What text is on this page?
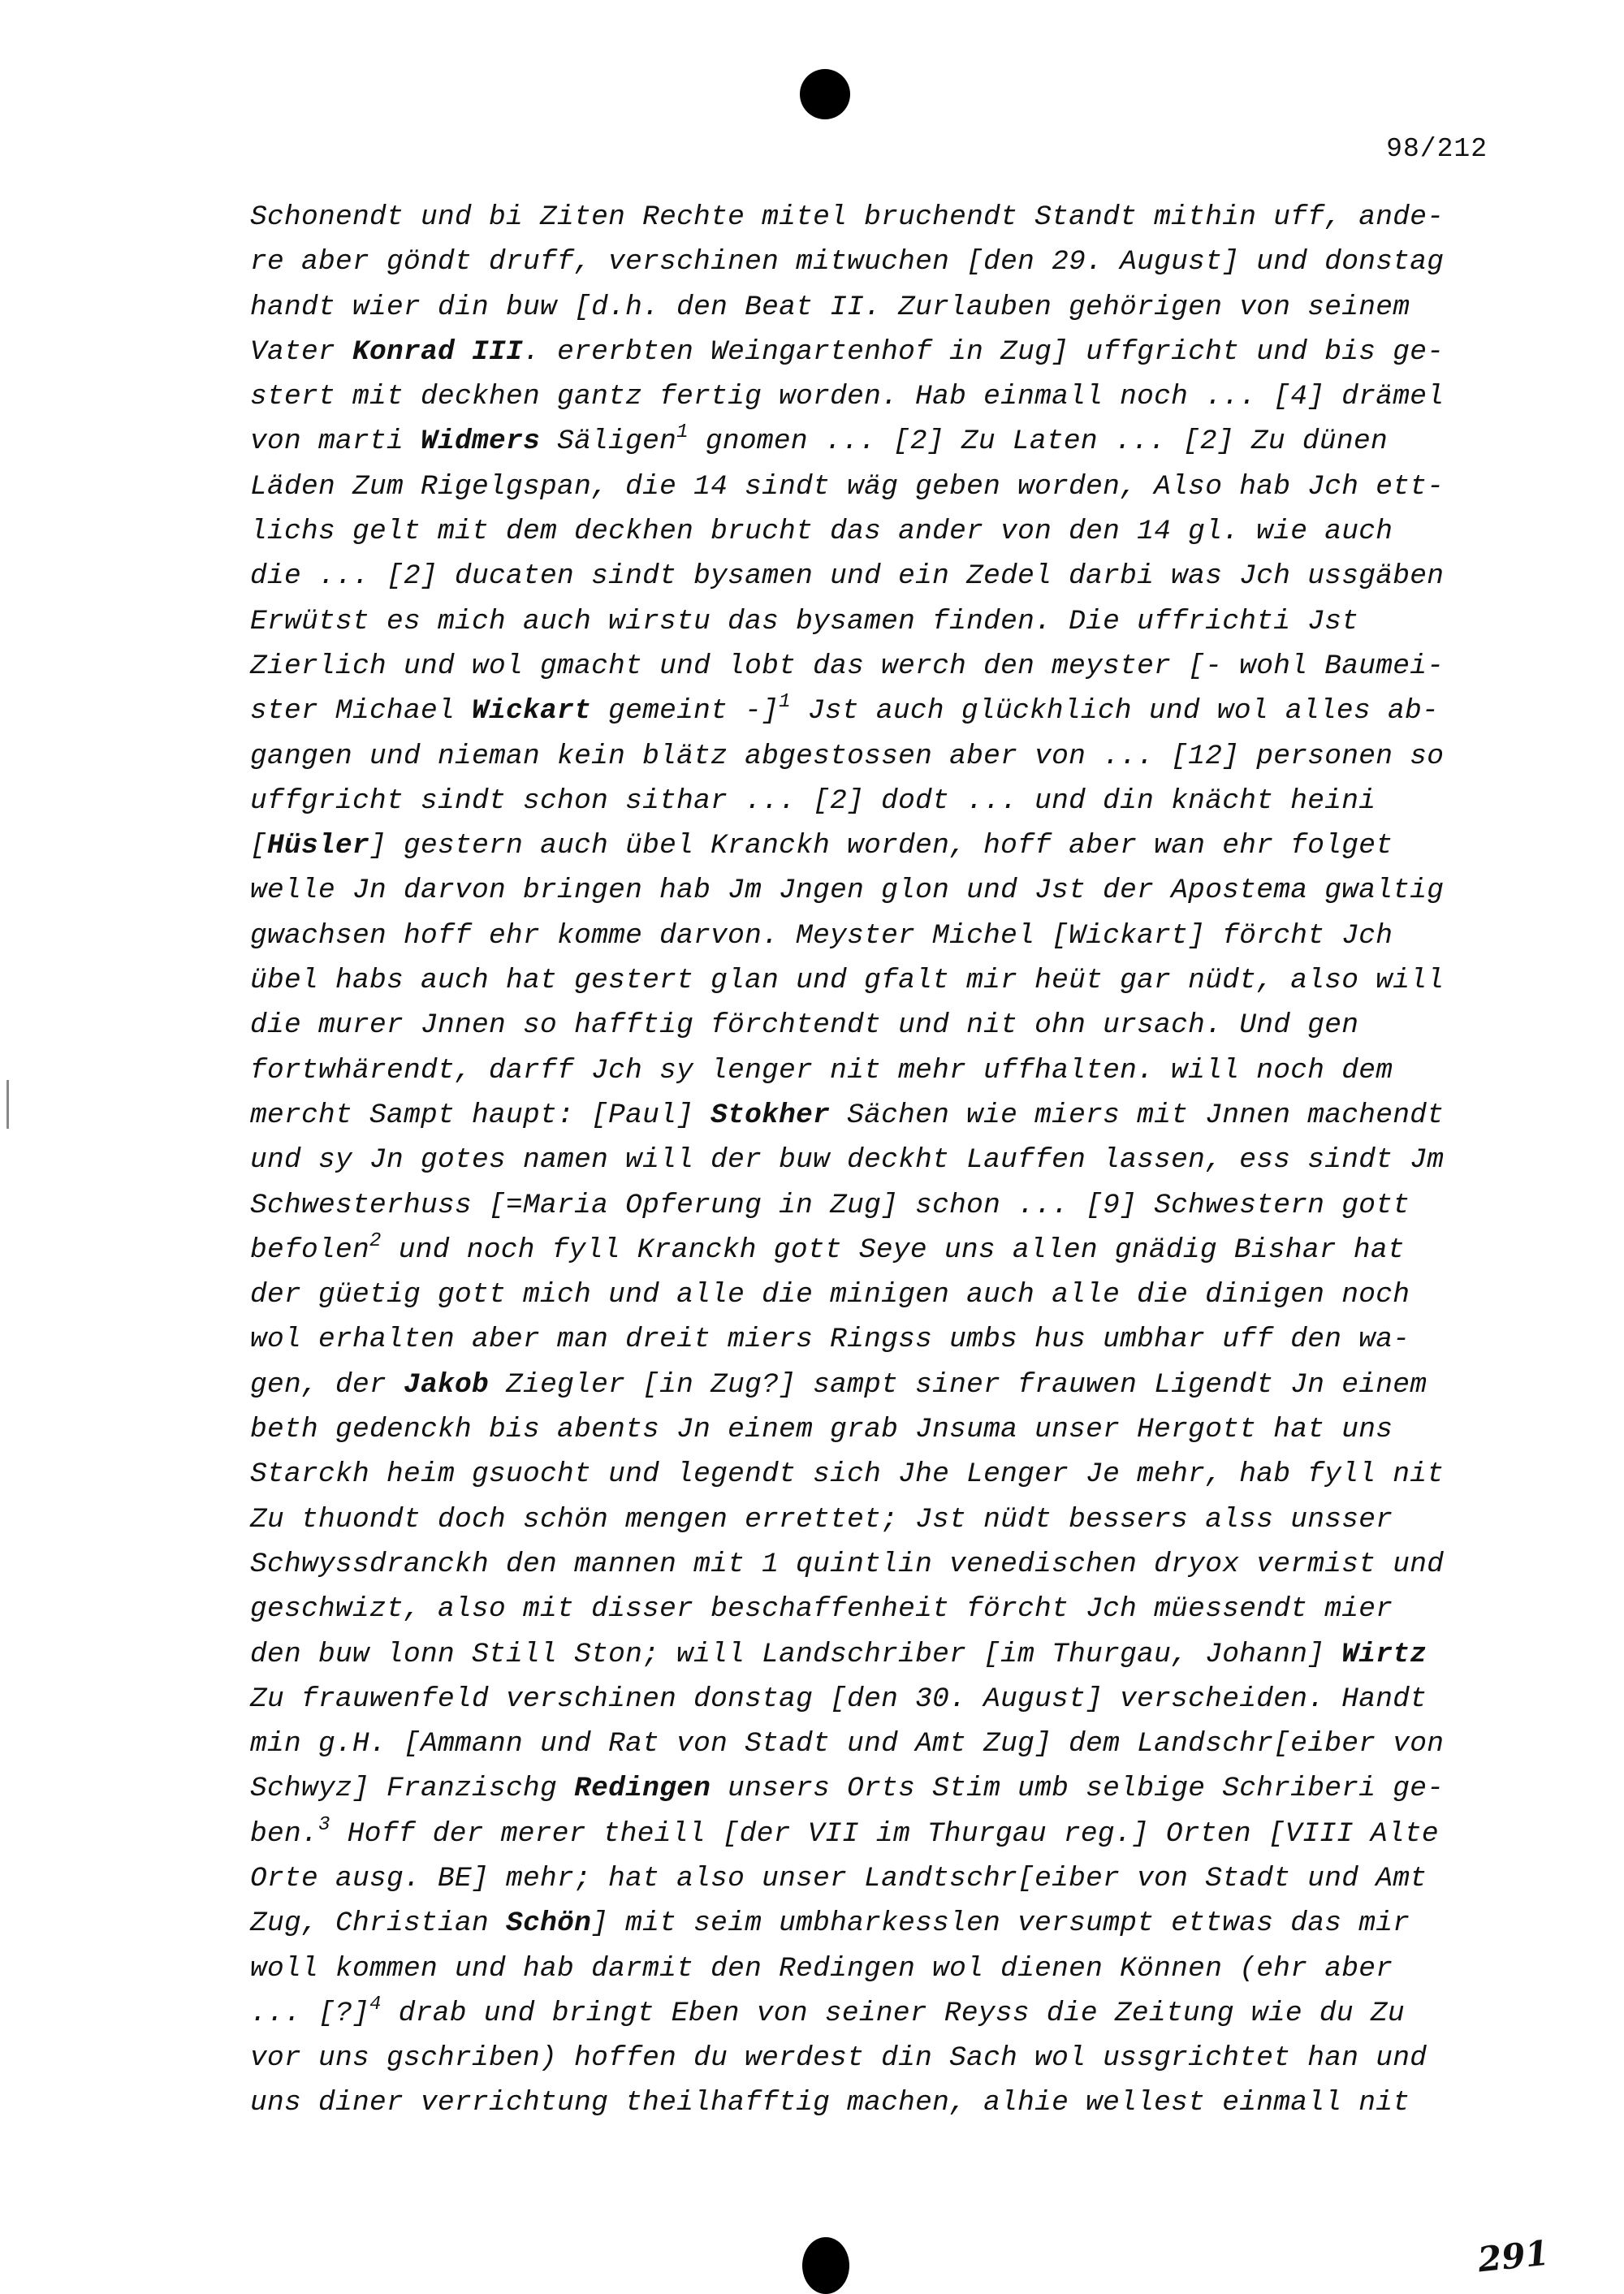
98/212
Schonendt und bi Ziten Rechte mitel bruchendt Standt mithin uff, ande-
re aber göndt druff, verschinen mitwuchen [den 29. August] und donstag
handt wier din buw [d.h. den Beat II. Zurlauben gehörigen von seinem
Vater Konrad III. ererbten Weingartenhof in Zug] uffgricht und bis ge-
stert mit deckhen gantz fertig worden. Hab einmall noch ... [4] drämel
von marti Widmers Säligen$^1$ gnomen ... [2] Zu Laten ... [2] Zu dünen
Läden Zum Rigelgspan, die 14 sindt wäg geben worden, Also hab Jch ett-
lichs gelt mit dem deckhen brucht das ander von den 14 gl. wie auch
die ... [2] ducaten sindt bysamen und ein Zedel darbi was Jch ussgäben
Erwütst es mich auch wirstu das bysamen finden. Die uffrichti Jst
Zierlich und wol gmacht und lobt das werch den meyster [- wohl Baumei-
ster Michael Wickart gemeint -]$^1$ Jst auch glückhlich und wol alles ab-
gangen und nieman kein blätz abgestossen aber von ... [12] personen so
uffgricht sindt schon sithar ... [2] dodt ... und din knächt heini
[Hüsler] gestern auch übel Kranckh worden, hoff aber wan ehr folget
welle Jn darvon bringen hab Jm Jngen glon und Jst der Apostema gwaltig
gwachsen hoff ehr komme darvon. Meyster Michel [Wickart] förcht Jch
übel habs auch hat gestert glan und gfalt mir heüt gar nüdt, also will
die murer Jnnen so hafftig förchtendt und nit ohn ursach. Und gen
fortwhärendt, darff Jch sy lenger nit mehr uffhalten. will noch dem
mercht Sampt haupt: [Paul] Stokher Sächen wie miers mit Jnnen machendt
und sy Jn gotes namen will der buw deckht Lauffen lassen, ess sindt Jm
Schwesterhuss [=Maria Opferung in Zug] schon ... [9] Schwestern gott
befolen$^2$ und noch fyll Kranckh gott Seye uns allen gnädig Bishar hat
der güetig gott mich und alle die minigen auch alle die dinigen noch
wol erhalten aber man dreit miers Ringss umbs hus umbhar uff den wa-
gen, der Jakob Ziegler [in Zug?] sampt siner frauwen Ligendt Jn einem
beth gedenckh bis abents Jn einem grab Jnsuma unser Hergott hat uns
Starckh heim gsuocht und legendt sich Jhe Lenger Je mehr, hab fyll nit
Zu thuondt doch schön mengen errettet; Jst nüdt bessers alss unsser
Schwyssdranckh den mannen mit 1 quintlin venedischen dryox vermist und
geschwizt, also mit disser beschaffenheit förcht Jch müessendt mier
den buw lonn Still Ston; will Landschriber [im Thurgau, Johann] Wirtz
Zu frauwenfeld verschinen donstag [den 30. August] verscheiden. Handt
min g.H. [Ammann und Rat von Stadt und Amt Zug] dem Landschr[eiber von
Schwyz] Franzischg Redingen unsers Orts Stim umb selbige Schriberi ge-
ben.$^3$ Hoff der merer theill [der VII im Thurgau reg.] Orten [VIII Alte
Orte ausg. BE] mehr; hat also unser Landtschr[eiber von Stadt und Amt
Zug, Christian Schön] mit seim umbharkesslen versumpt ettwas das mir
woll kommen und hab darmit den Redingen wol dienen Können (ehr aber
... [?]$^4$ drab und bringt Eben von seiner Reyss die Zeitung wie du Zu
vor uns gschriben) hoffen du werdest din Sach wol ussgrichtet han und
uns diner verrichtung theilhafftig machen, alhie wellest einmall nit
291
